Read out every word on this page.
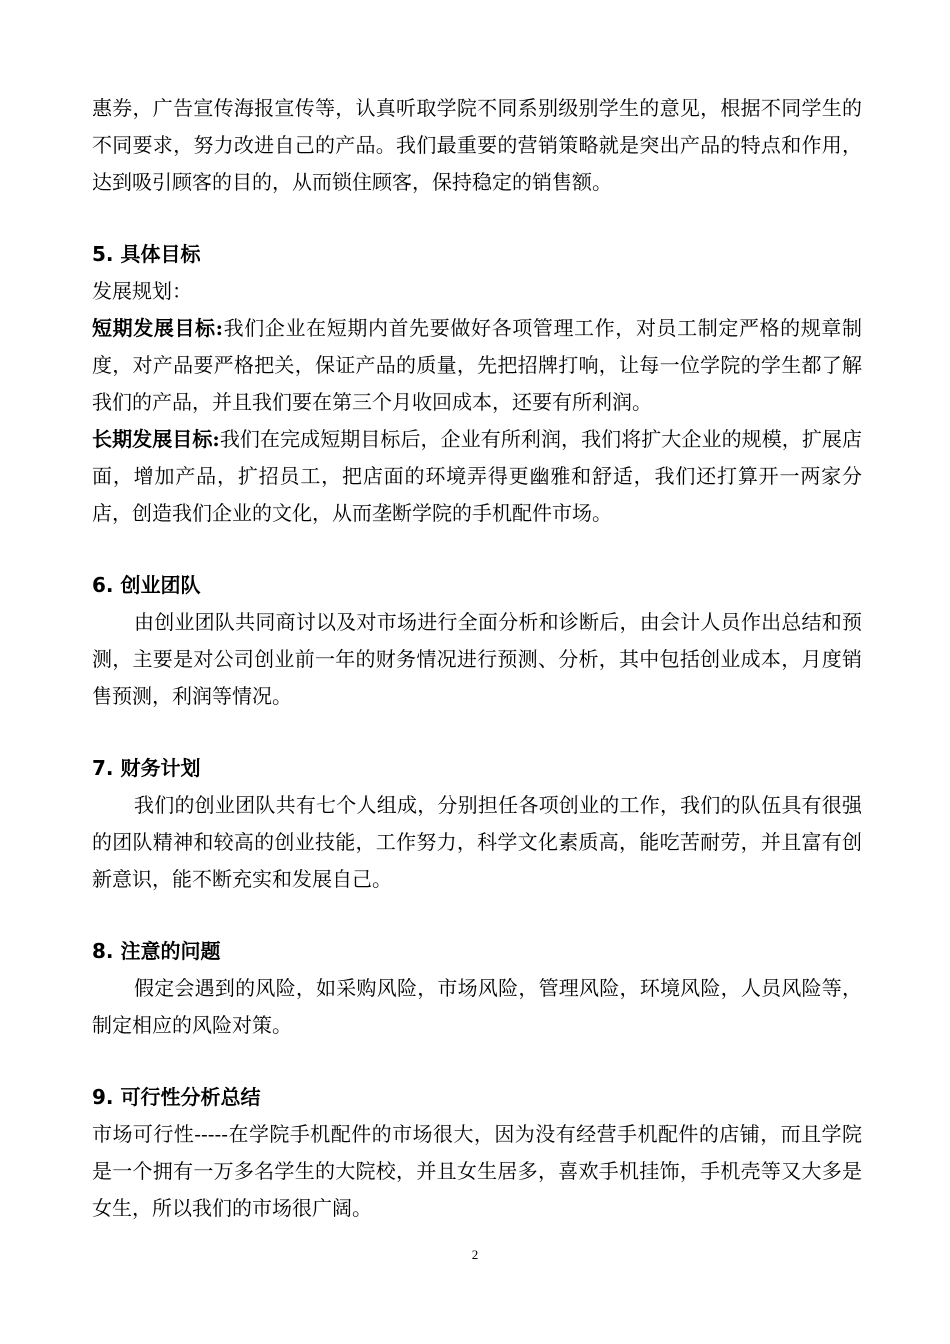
惠券，广告宣传海报宣传等，认真听取学院不同系别级别学生的意见，根据不同学生的不同要求，努力改进自己的产品。我们最重要的营销策略就是突出产品的特点和作用，达到吸引顾客的目的，从而锁住顾客，保持稳定的销售额。

5. 具体目标

发展规划：

短期发展目标:我们企业在短期内首先要做好各项管理工作，对员工制定严格的规章制度，对产品要严格把关，保证产品的质量，先把招牌打响，让每一位学院的学生都了解我们的产品，并且我们要在第三个月收回成本，还要有所利润。

长期发展目标:我们在完成短期目标后，企业有所利润，我们将扩大企业的规模，扩展店面，增加产品，扩招员工，把店面的环境弄得更幽雅和舒适，我们还打算开一两家分店，创造我们企业的文化，从而垄断学院的手机配件市场。

6. 创业团队

由创业团队共同商讨以及对市场进行全面分析和诊断后，由会计人员作出总结和预测，主要是对公司创业前一年的财务情况进行预测、分析，其中包括创业成本，月度销售预测，利润等情况。

7. 财务计划

我们的创业团队共有七个人组成，分别担任各项创业的工作，我们的队伍具有很强的团队精神和较高的创业技能，工作努力，科学文化素质高，能吃苦耐劳，并且富有创新意识，能不断充实和发展自己。

8. 注意的问题

假定会遇到的风险，如采购风险，市场风险，管理风险，环境风险，人员风险等，制定相应的风险对策。

9. 可行性分析总结

市场可行性-----在学院手机配件的市场很大，因为没有经营手机配件的店铺，而且学院是一个拥有一万多名学生的大院校，并且女生居多，喜欢手机挂饰，手机壳等又大多是女生，所以我们的市场很广阔。

2
